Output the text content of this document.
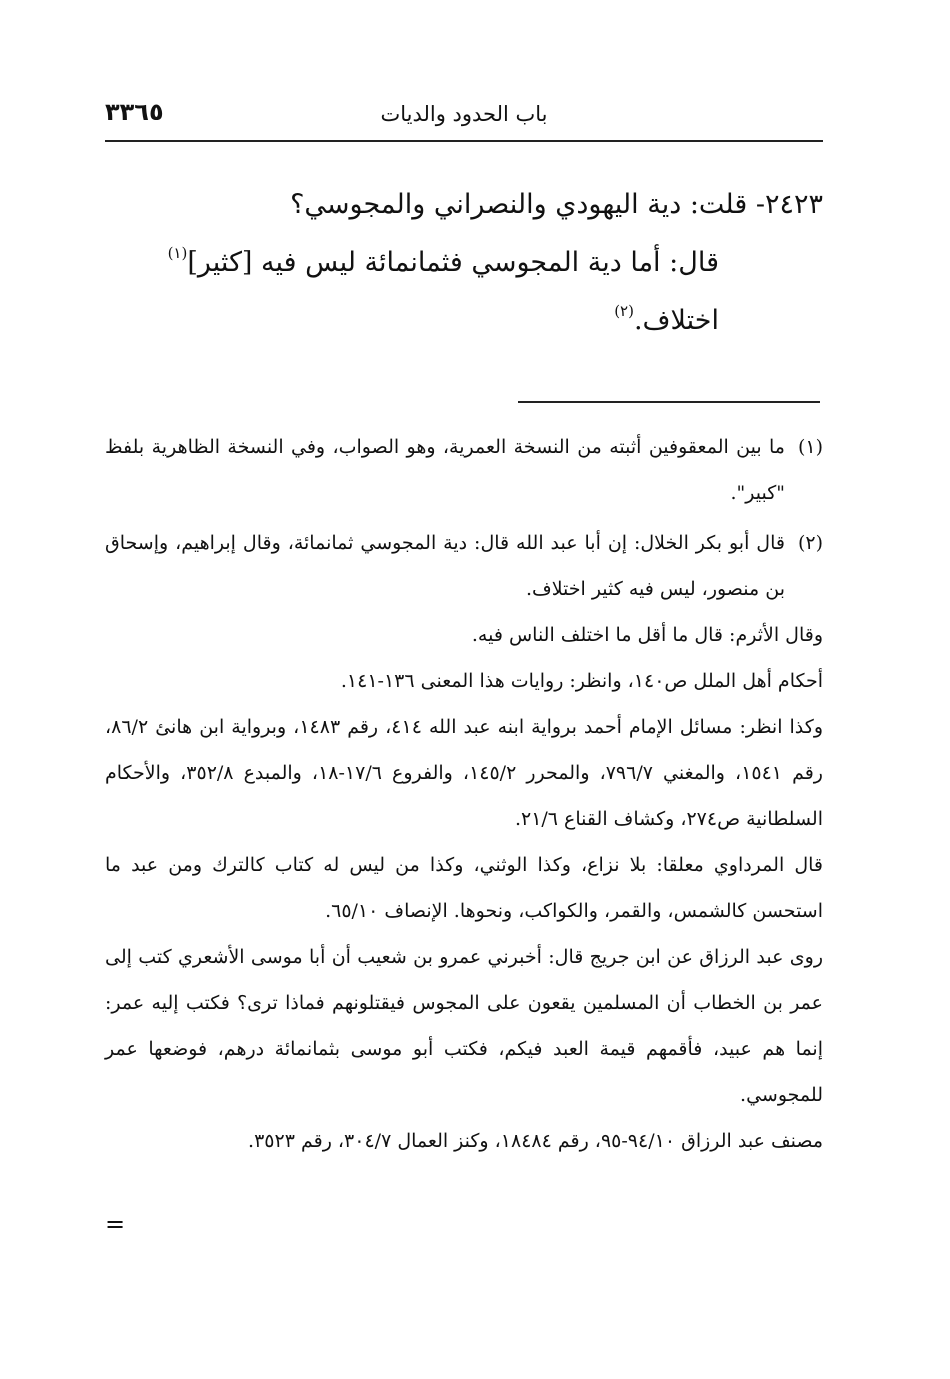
٣٣٦٥	باب الحدود والديات

٢٤٢٣- قلت: دية اليهودي والنصراني والمجوسي؟

قال: أما دية المجوسي فثمانمائة ليس فيه [كثير]$^{(١)}$

اختلاف.$^{(٢)}$

(١)

ما بين المعقوفين أثبته من النسخة العمرية، وهو الصواب، وفي النسخة الظاهرية بلفظ "كبير".

(٢)

قال أبو بكر الخلال: إن أبا عبد الله قال: دية المجوسي ثمانمائة، وقال إبراهيم، وإسحاق بن منصور، ليس فيه كثير اختلاف.

وقال الأثرم: قال ما أقل ما اختلف الناس فيه.

أحكام أهل الملل ص١٤٠، وانظر: روايات هذا المعنى ١٣٦-١٤١.

وكذا انظر: مسائل الإمام أحمد برواية ابنه عبد الله ٤١٤، رقم ١٤٨٣، وبرواية ابن هانئ ٨٦/٢، رقم ١٥٤١، والمغني ٧٩٦/٧، والمحرر ١٤٥/٢، والفروع ١٧/٦-١٨، والمبدع ٣٥٢/٨، والأحكام السلطانية ص٢٧٤، وكشاف القناع ٢١/٦.

قال المرداوي معلقا: بلا نزاع، وكذا الوثني، وكذا من ليس له كتاب كالترك ومن عبد ما استحسن كالشمس، والقمر، والكواكب، ونحوها. الإنصاف ٦٥/١٠.

روى عبد الرزاق عن ابن جريج قال: أخبرني عمرو بن شعيب أن أبا موسى الأشعري كتب إلى عمر بن الخطاب أن المسلمين يقعون على المجوس فيقتلونهم فماذا ترى؟ فكتب إليه عمر: إنما هم عبيد، فأقمهم قيمة العبد فيكم، فكتب أبو موسى بثمانمائة درهم، فوضعها عمر للمجوسي.

مصنف عبد الرزاق ٩٤/١٠-٩٥، رقم ١٨٤٨٤، وكنز العمال ٣٠٤/٧، رقم ٣٥٢٣.

=
